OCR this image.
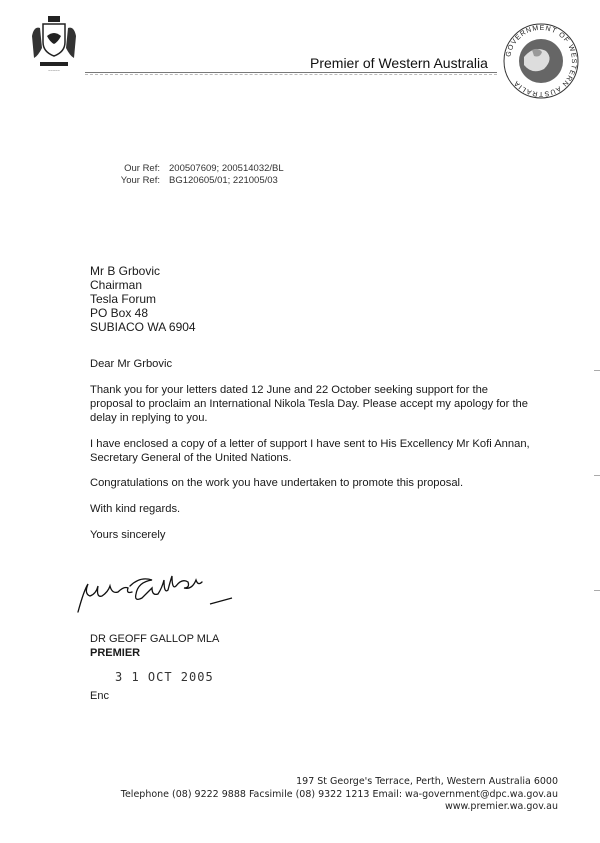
~~~~~	Premier of Western Australia
GOVERNMENT OF WESTERN AUSTRALIA
Our Ref: 200507609; 200514032/BL
Your Ref: BG120605/01; 221005/03
Mr B Grbovic
Chairman
Tesla Forum
PO Box 48
SUBIACO WA 6904
Dear Mr Grbovic

Thank you for your letters dated 12 June and 22 October seeking support for the proposal to proclaim an International Nikola Tesla Day. Please accept my apology for the delay in replying to you.

I have enclosed a copy of a letter of support I have sent to His Excellency Mr Kofi Annan, Secretary General of the United Nations.

Congratulations on the work you have undertaken to promote this proposal.

With kind regards.
Yours sincerely
DR GEOFF GALLOP MLA
PREMIER
3 1 OCT 2005
Enc
197 St George's Terrace, Perth, Western Australia 6000
Telephone (08) 9222 9888 Facsimile (08) 9322 1213 Email: wa-government@dpc.wa.gov.au
www.premier.wa.gov.au
